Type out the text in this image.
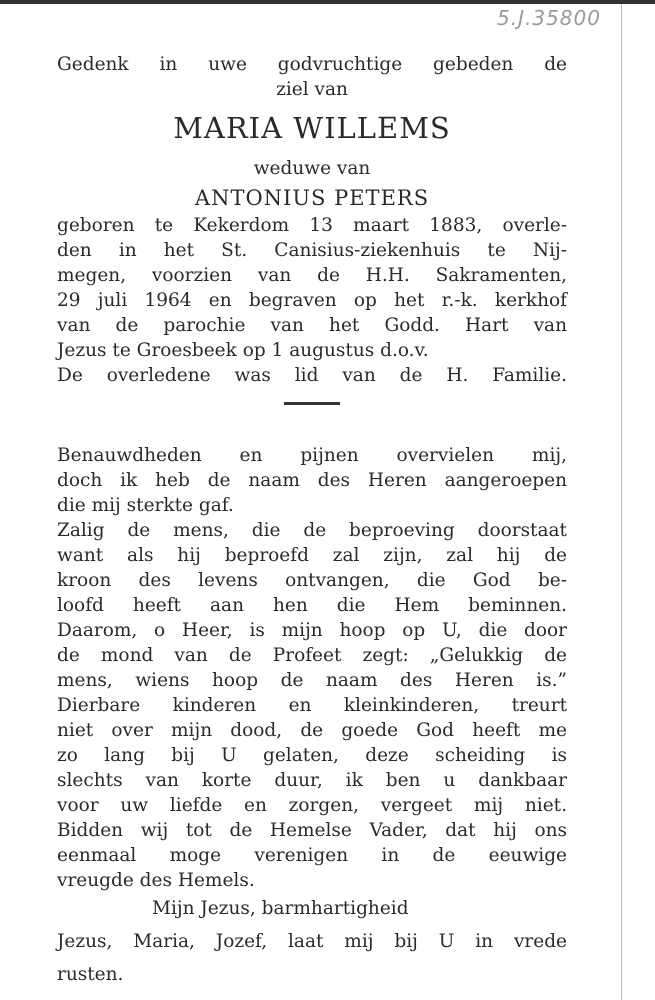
5.J.35800
Gedenk in uwe godvruchtige gebeden de
ziel van
MARIA WILLEMS
weduwe van
ANTONIUS PETERS
geboren te Kekerdom 13 maart 1883, overle-
den in het St. Canisius-ziekenhuis te Nij-
megen, voorzien van de H.H. Sakramenten,
29 juli 1964 en begraven op het r.-k. kerkhof
van de parochie van het Godd. Hart van
Jezus te Groesbeek op 1 augustus d.o.v.
De overledene was lid van de H. Familie.
Benauwdheden en pijnen overvielen mij,
doch ik heb de naam des Heren aangeroepen
die mij sterkte gaf.
Zalig de mens, die de beproeving doorstaat
want als hij beproefd zal zijn, zal hij de
kroon des levens ontvangen, die God be-
loofd heeft aan hen die Hem beminnen.
Daarom, o Heer, is mijn hoop op U, die door
de mond van de Profeet zegt: „Gelukkig de
mens, wiens hoop de naam des Heren is.”
Dierbare kinderen en kleinkinderen, treurt
niet over mijn dood, de goede God heeft me
zo lang bij U gelaten, deze scheiding is
slechts van korte duur, ik ben u dankbaar
voor uw liefde en zorgen, vergeet mij niet.
Bidden wij tot de Hemelse Vader, dat hij ons
eenmaal moge verenigen in de eeuwige
vreugde des Hemels.
Mijn Jezus, barmhartigheid
Jezus, Maria, Jozef, laat mij bij U in vrede
rusten.
